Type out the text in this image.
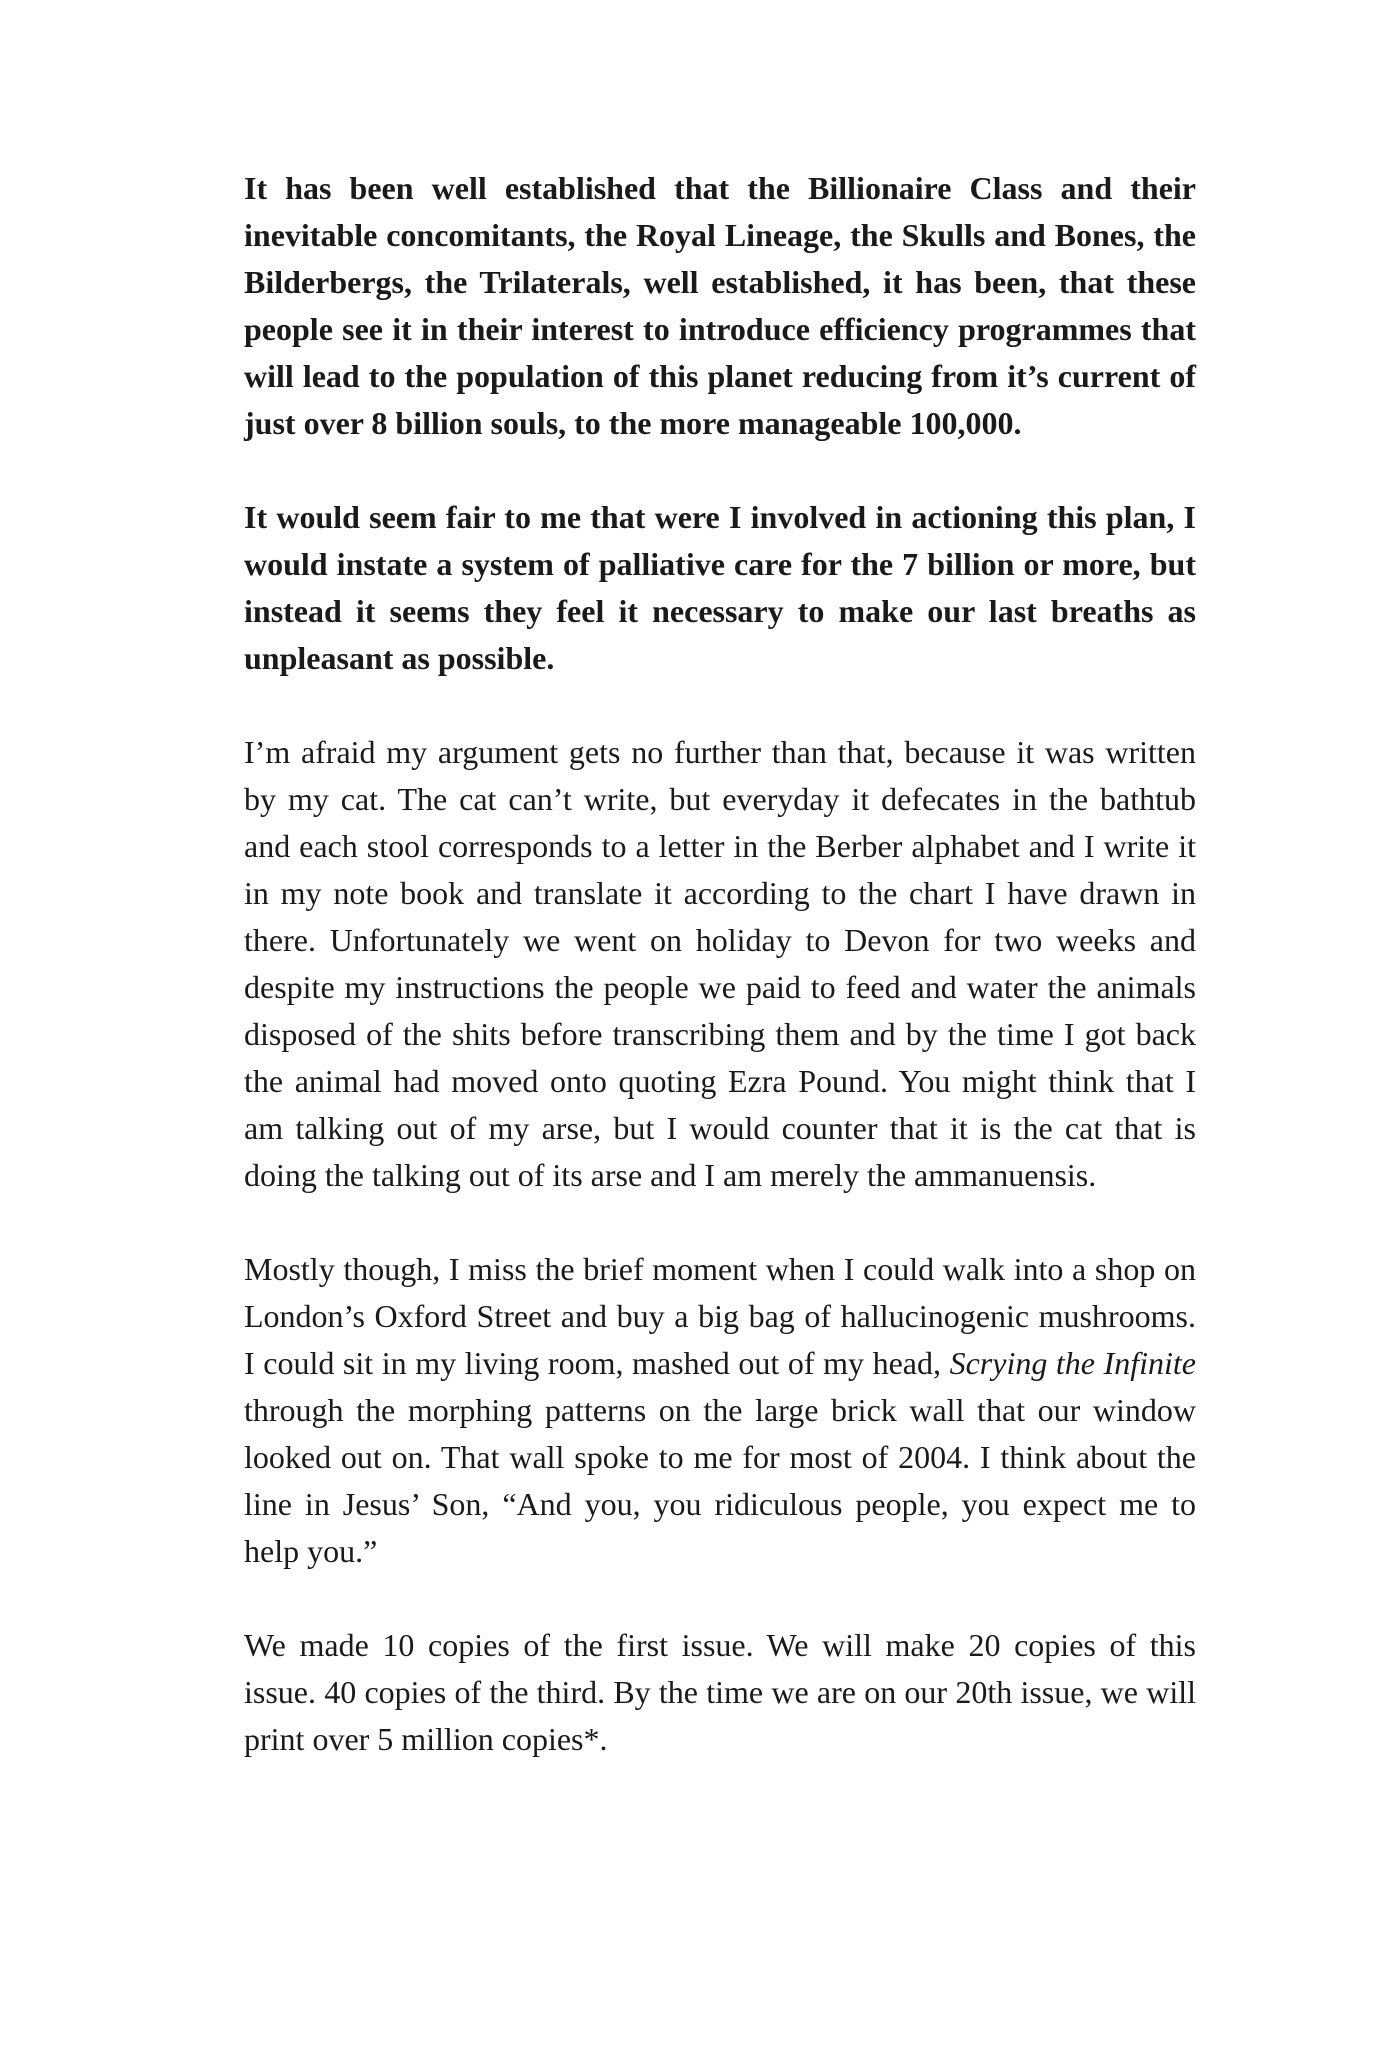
It has been well established that the Billionaire Class and their inevitable concomitants, the Royal Lineage, the Skulls and Bones, the Bilderbergs, the Trilaterals, well established, it has been, that these people see it in their interest to introduce efficiency programmes that will lead to the population of this planet reducing from it’s current of just over 8 billion souls, to the more manageable 100,000.

It would seem fair to me that were I involved in actioning this plan, I would instate a system of palliative care for the 7 billion or more, but instead it seems they feel it necessary to make our last breaths as unpleasant as possible.

I’m afraid my argument gets no further than that, because it was written by my cat. The cat can’t write, but everyday it defecates in the bathtub and each stool corresponds to a letter in the Berber alphabet and I write it in my note book and translate it according to the chart I have drawn in there. Unfortunately we went on holiday to Devon for two weeks and despite my instructions the people we paid to feed and water the animals disposed of the shits before transcribing them and by the time I got back the animal had moved onto quoting Ezra Pound. You might think that I am talking out of my arse, but I would counter that it is the cat that is doing the talking out of its arse and I am merely the ammanuensis.

Mostly though, I miss the brief moment when I could walk into a shop on London’s Oxford Street and buy a big bag of hallucinogenic mushrooms. I could sit in my living room, mashed out of my head, Scrying the Infinite through the morphing patterns on the large brick wall that our window looked out on. That wall spoke to me for most of 2004. I think about the line in Jesus’ Son, “And you, you ridiculous people, you expect me to help you.”

We made 10 copies of the first issue. We will make 20 copies of this issue. 40 copies of the third. By the time we are on our 20th issue, we will print over 5 million copies*.
